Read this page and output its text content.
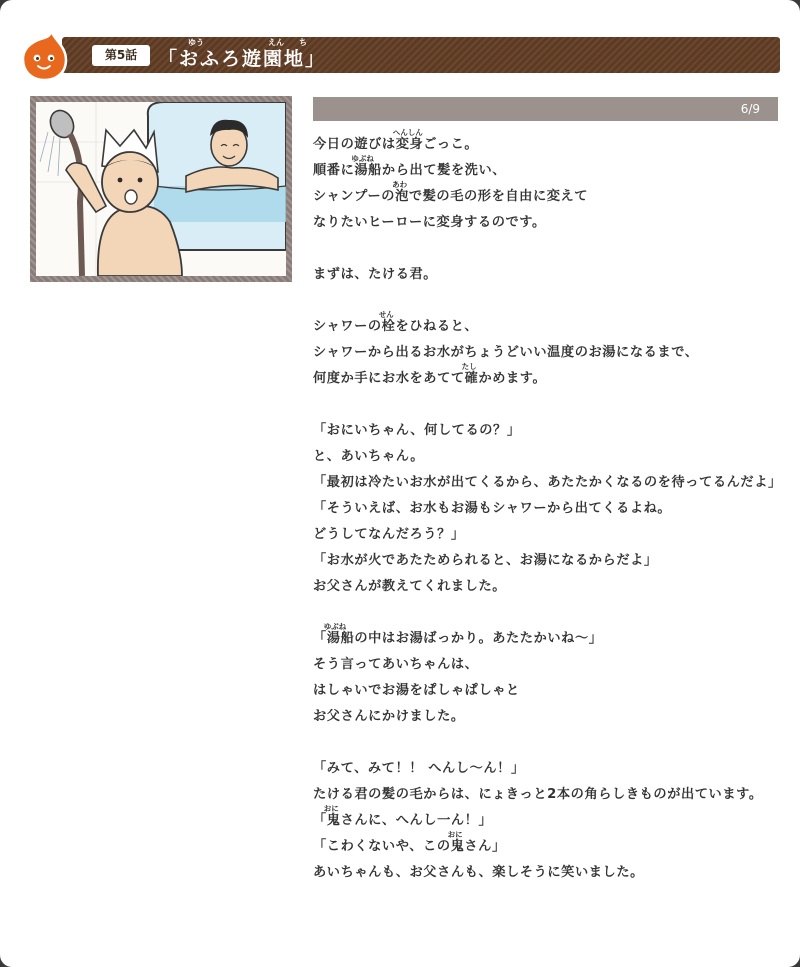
第5話	「おふろ遊園地」
ゆう	えん ち
6/9
今日の遊びは変身ごっこ。
順番に湯船から出て髪を洗い、
シャンプーの泡で髪の毛の形を自由に変えて
なりたいヒーローに変身するのです。
まずは、たける君。
シャワーの栓をひねると、
シャワーから出るお水がちょうどいい温度のお湯になるまで、
何度か手にお水をあてて確かめます。
「おにいちゃん、何してるの？」
と、あいちゃん。
「最初は冷たいお水が出てくるから、あたたかくなるのを待ってるんだよ」
「そういえば、お水もお湯もシャワーから出てくるよね。
どうしてなんだろう？」
「お水が火であたためられると、お湯になるからだよ」
お父さんが教えてくれました。
「湯船の中はお湯ばっかり。あたたかいね〜」
そう言ってあいちゃんは、
はしゃいでお湯をぱしゃぱしゃと
お父さんにかけました。
「みて、みて！！ へんし〜ん！」
たける君の髪の毛からは、にょきっと2本の角らしきものが出ています。
「鬼さんに、へんし一ん！」
「こわくないや、この鬼さん」
あいちゃんも、お父さんも、楽しそうに笑いました。
へんしん
ゆぶね
あわ
せん
たし
ゆぶね
おに
おに
